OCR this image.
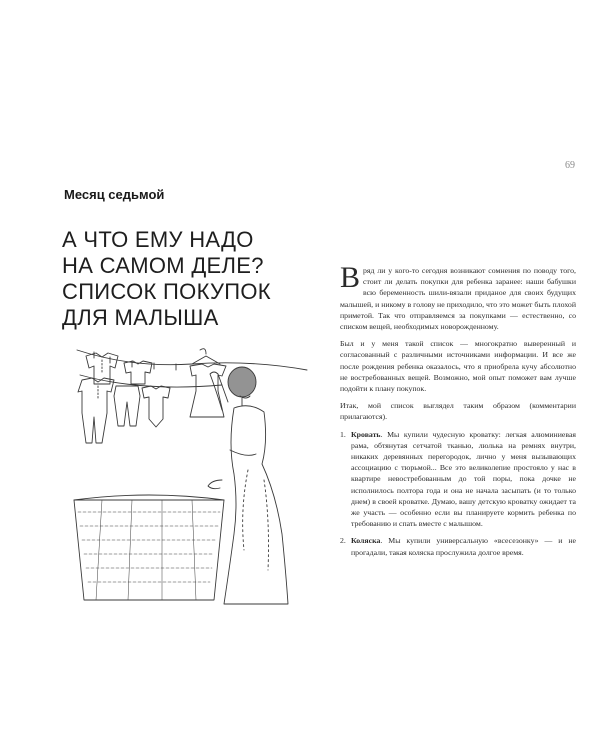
69
Месяц седьмой
А ЧТО ЕМУ НАДО
НА САМОМ ДЕЛЕ?
СПИСОК ПОКУПОК
ДЛЯ МАЛЫША

Вряд ли у кого-то сегодня возникают сомнения по поводу того, стоит ли делать покупки для ребенка заранее: наши бабушки всю беременность шили-вязали приданое для своих будущих малышей, и никому в голову не приходило, что это может быть плохой приметой. Так что отправляемся за покупками — естественно, со списком вещей, необходимых новорожденному.

Был и у меня такой список — многократно выверенный и согласованный с различными источниками информации. И все же после рождения ребенка оказалось, что я приобрела кучу абсолютно не востребованных вещей. Возможно, мой опыт поможет вам лучше подойти к плану покупок.

Итак, мой список выглядел таким образом (комментарии прилагаются).

1. Кровать. Мы купили чудесную кроватку: легкая алюминиевая рама, обтянутая сетчатой тканью, люлька на ремнях внутри, никаких деревянных перегородок, лично у меня вызывающих ассоциацию с тюрьмой... Все это великолепие простояло у нас в квартире невостребованным до той поры, пока дочке не исполнилось полтора года и она не начала засыпать (и то только днем) в своей кроватке. Думаю, вашу детскую кроватку ожидает та же участь — особенно если вы планируете кормить ребенка по требованию и спать вместе с малышом.
2. Коляска. Мы купили универсальную «всесезонку» — и не прогадали, такая коляска прослужила долгое время.
